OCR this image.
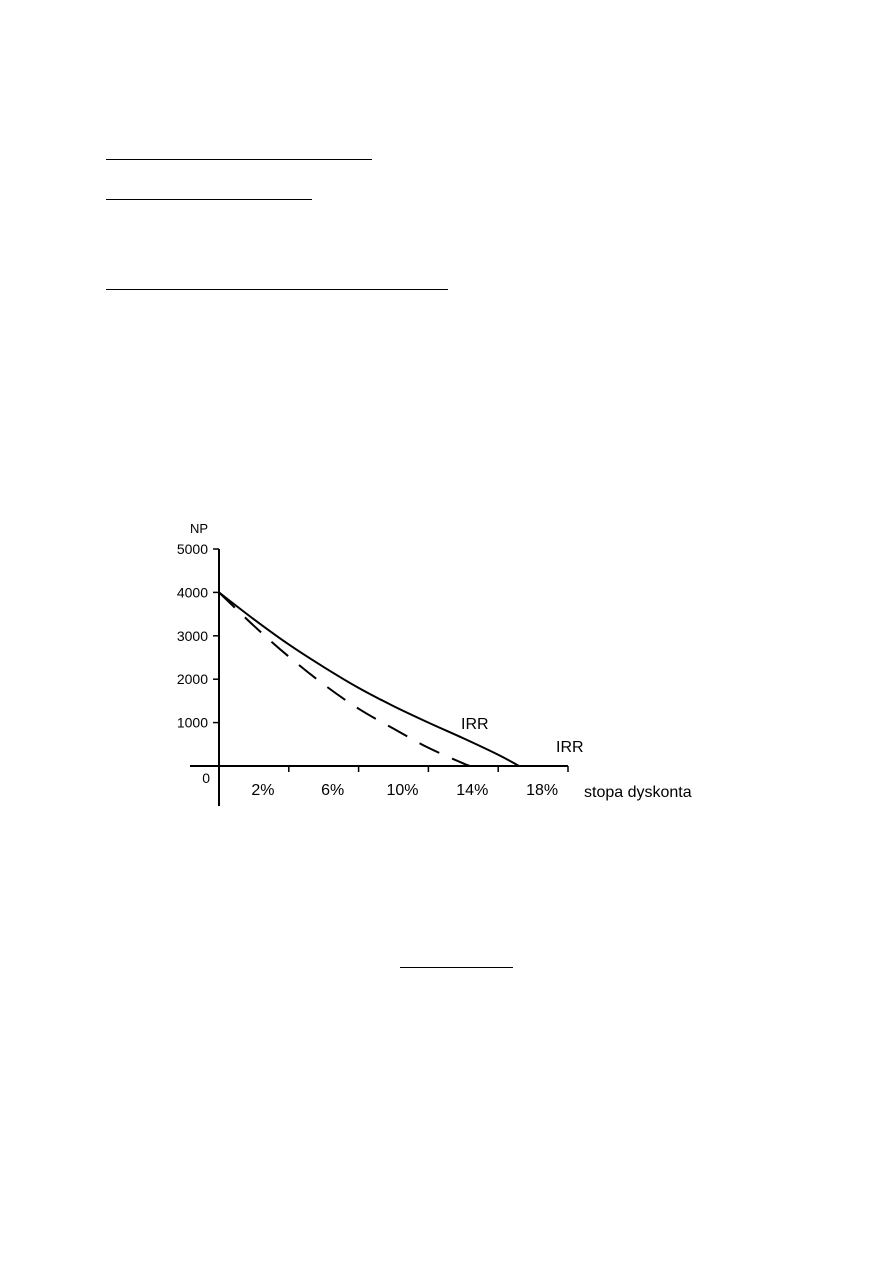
5000
4000
3000
2000
1000
0
2%	6%	10% 14% 18%
NP
stopa dyskonta
IRR
IRR
